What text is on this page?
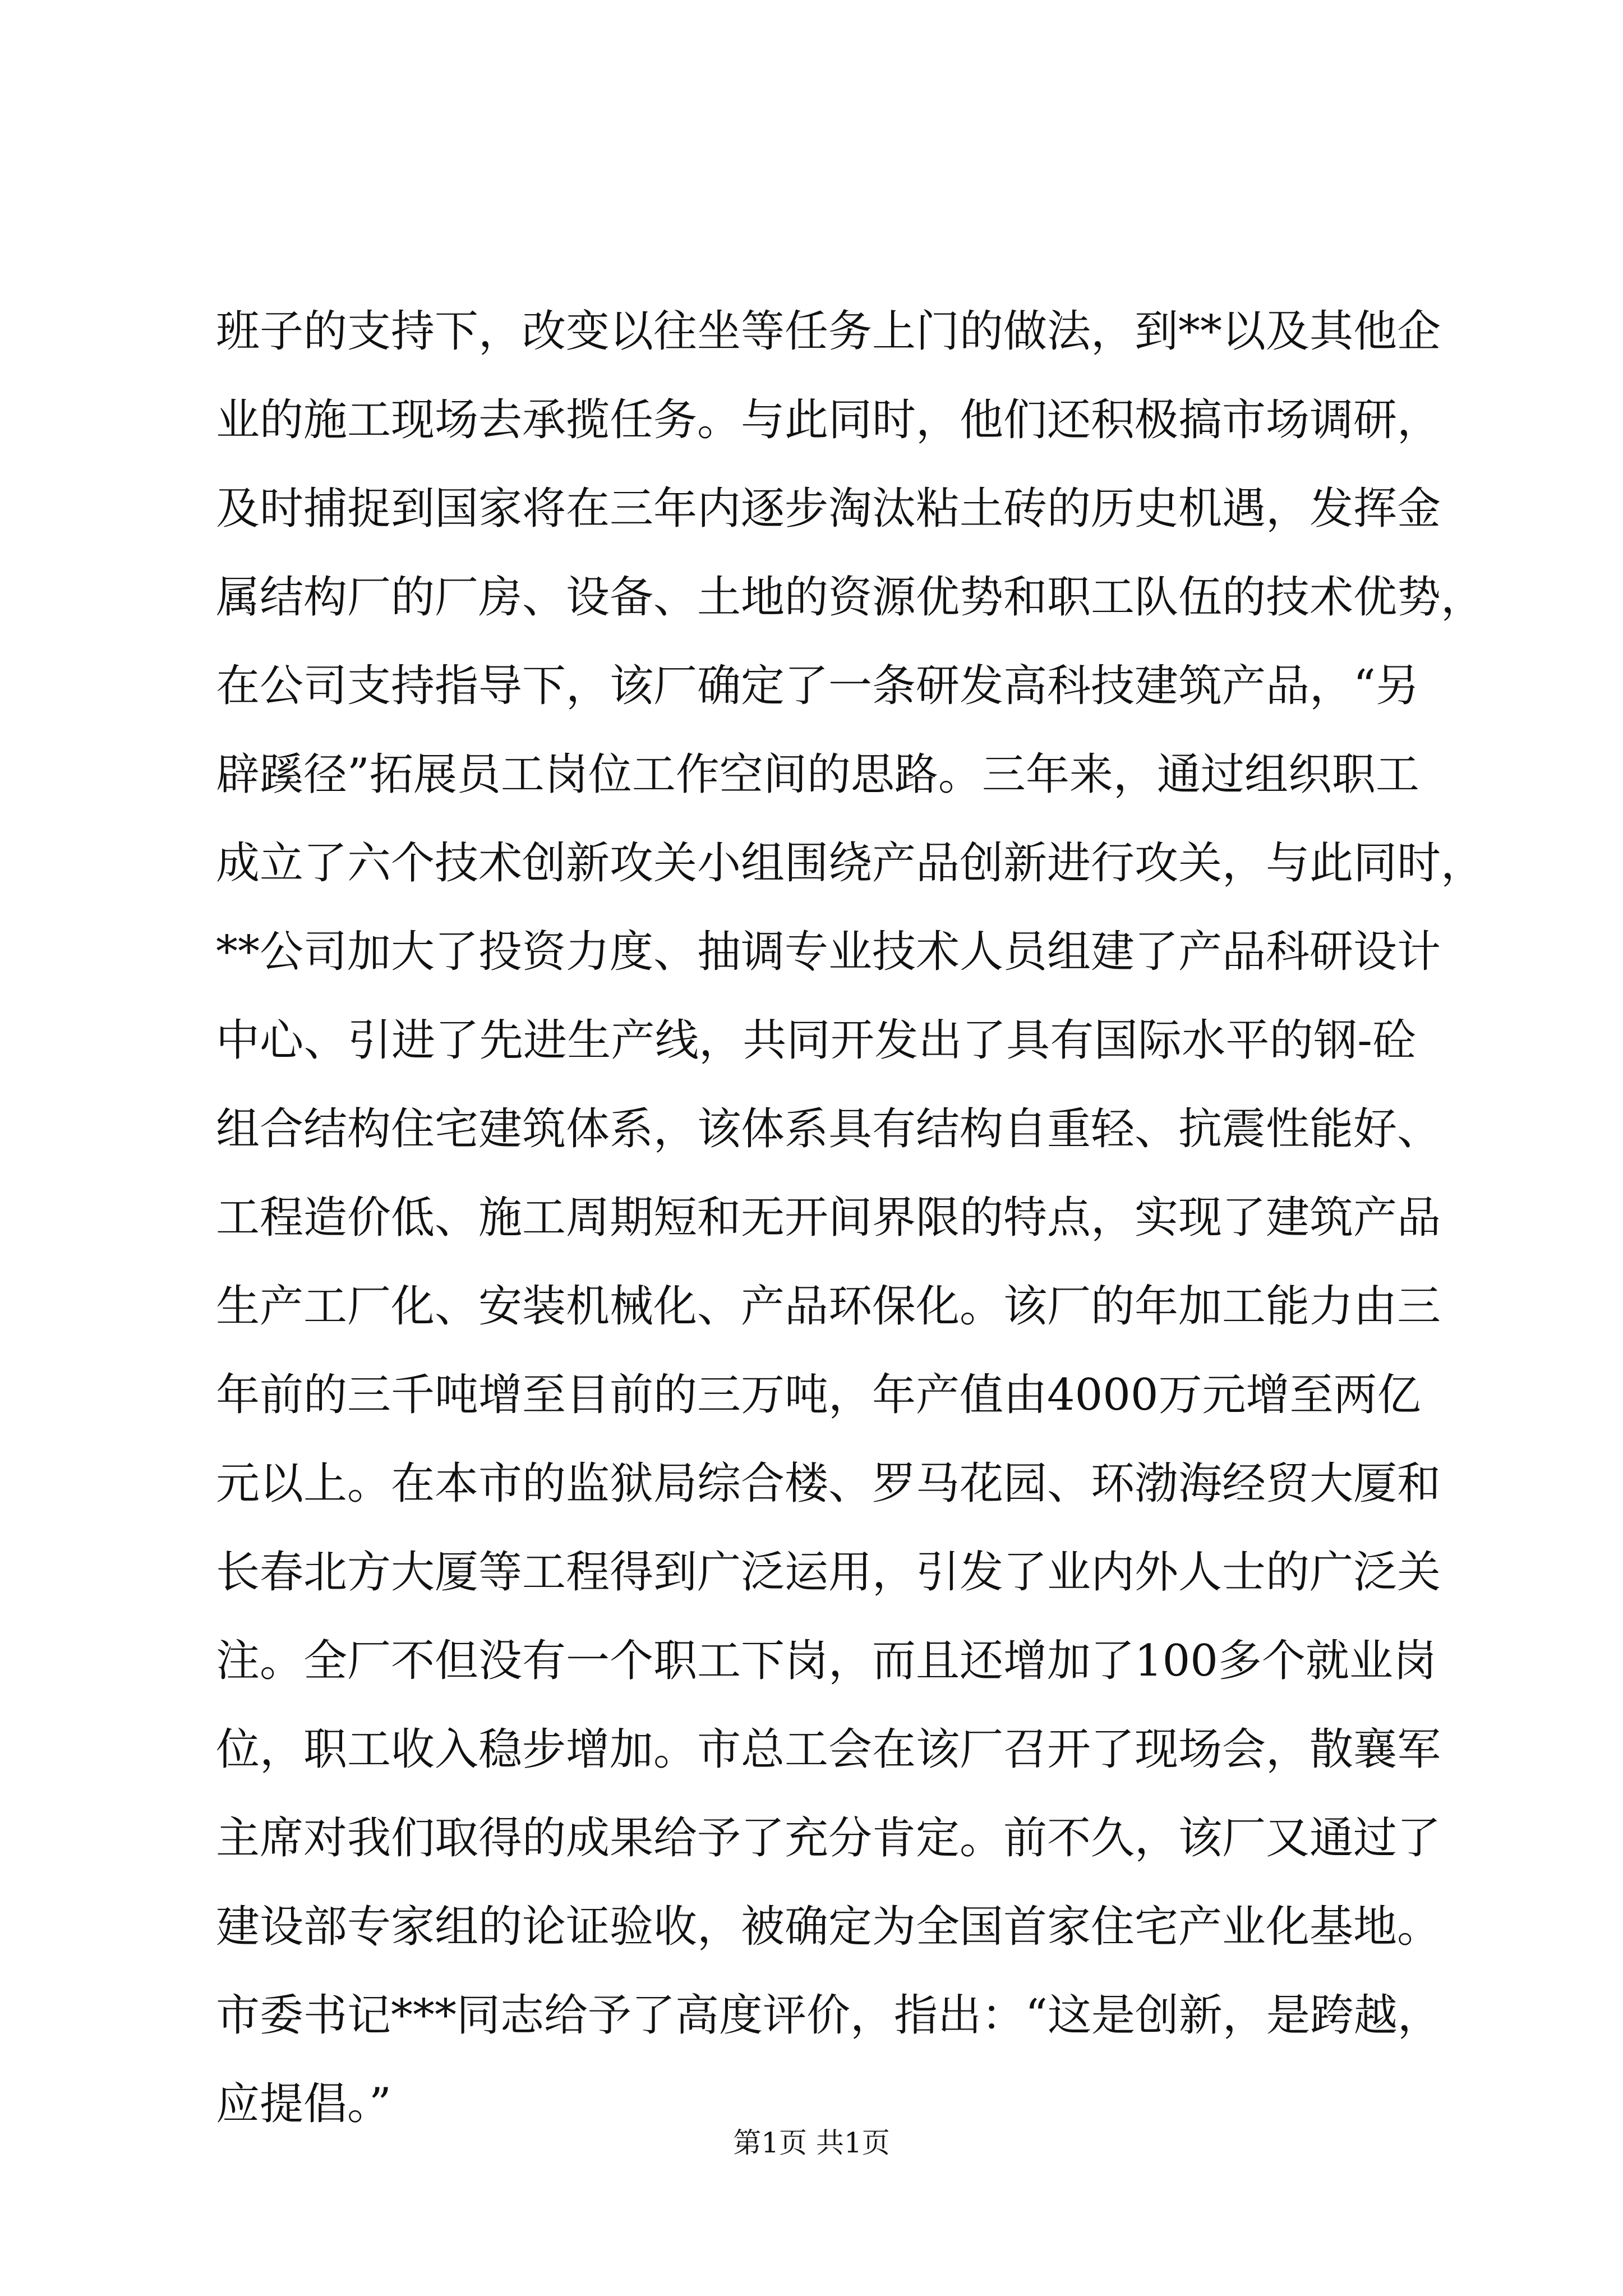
班子的支持下，改变以往坐等任务上门的做法，到**以及其他企
业的施工现场去承揽任务。与此同时，他们还积极搞市场调研，
及时捕捉到国家将在三年内逐步淘汰粘土砖的历史机遇，发挥金
属结构厂的厂房、设备、土地的资源优势和职工队伍的技术优势，
在公司支持指导下，该厂确定了一条研发高科技建筑产品，“另
辟蹊径”拓展员工岗位工作空间的思路。三年来，通过组织职工
成立了六个技术创新攻关小组围绕产品创新进行攻关，与此同时，
**公司加大了投资力度、抽调专业技术人员组建了产品科研设计
中心、引进了先进生产线，共同开发出了具有国际水平的钢-砼
组合结构住宅建筑体系，该体系具有结构自重轻、抗震性能好、
工程造价低、施工周期短和无开间界限的特点，实现了建筑产品
生产工厂化、安装机械化、产品环保化。该厂的年加工能力由三
年前的三千吨增至目前的三万吨，年产值由4000万元增至两亿
元以上。在本市的监狱局综合楼、罗马花园、环渤海经贸大厦和
长春北方大厦等工程得到广泛运用，引发了业内外人士的广泛关
注。全厂不但没有一个职工下岗，而且还增加了100多个就业岗
位，职工收入稳步增加。市总工会在该厂召开了现场会，散襄军
主席对我们取得的成果给予了充分肯定。前不久，该厂又通过了
建设部专家组的论证验收，被确定为全国首家住宅产业化基地。
市委书记***同志给予了高度评价，指出：“这是创新，是跨越，
应提倡。”
第1页 共1页
